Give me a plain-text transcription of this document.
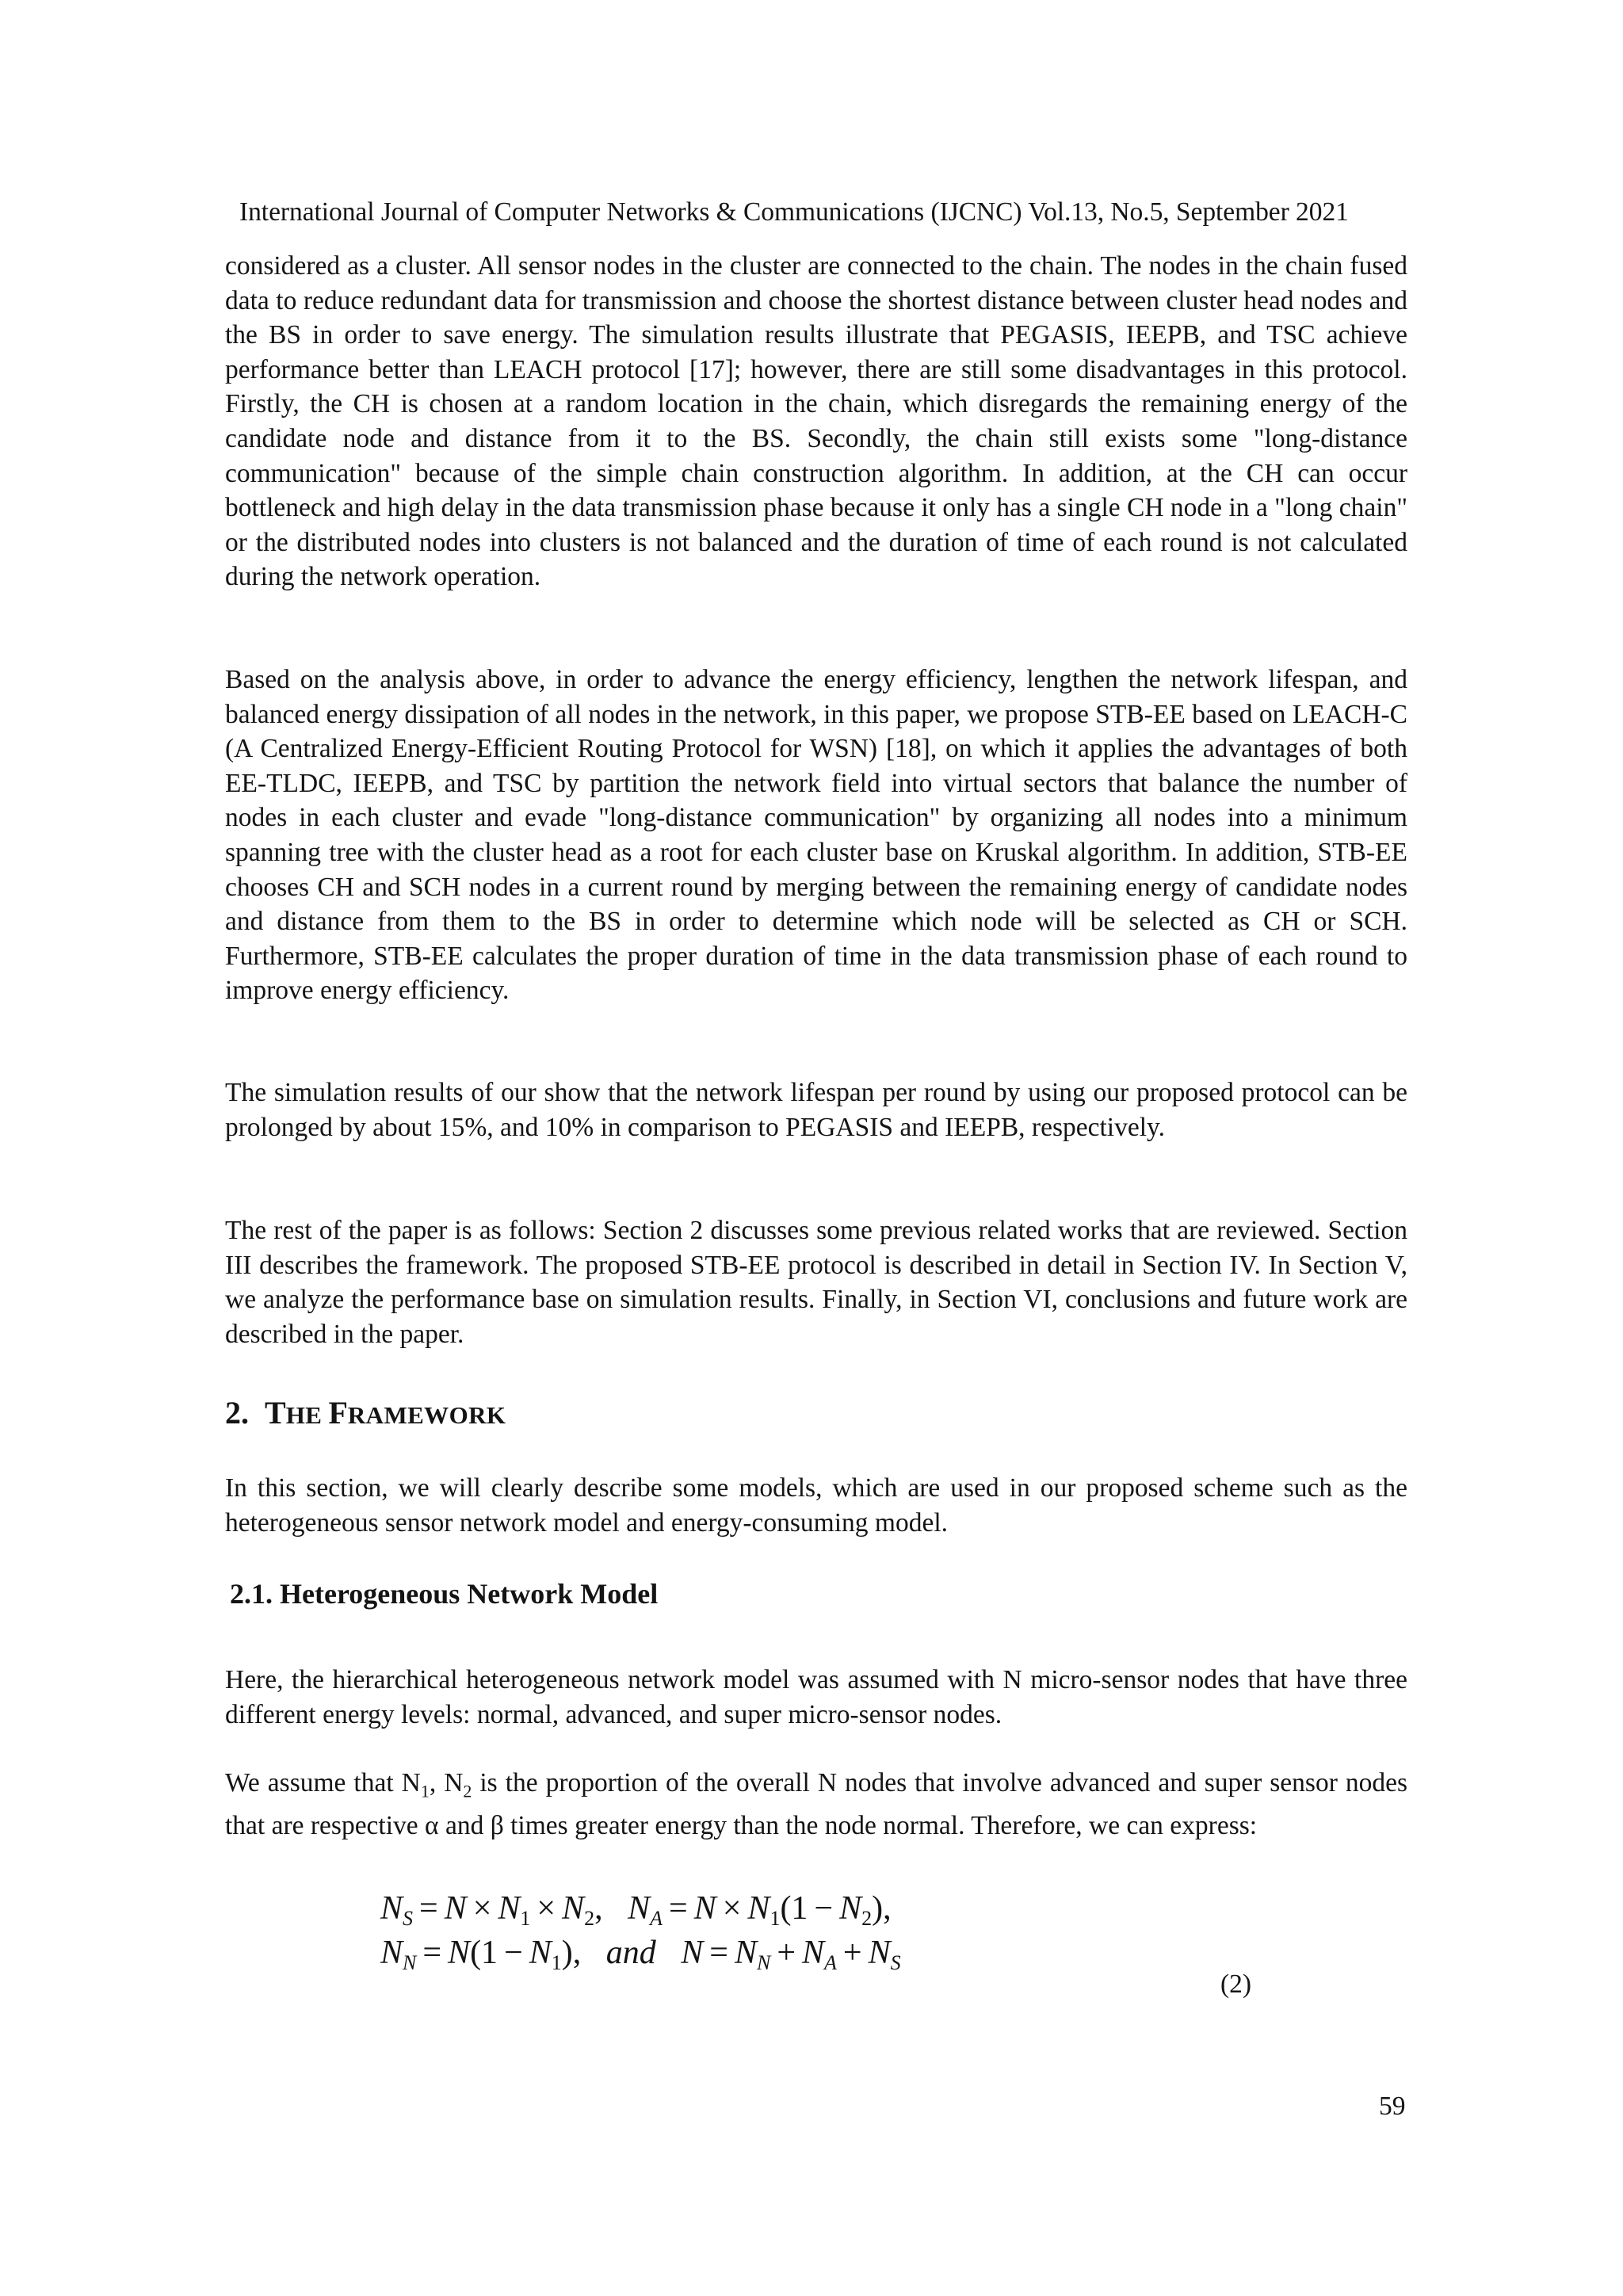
International Journal of Computer Networks & Communications (IJCNC) Vol.13, No.5, September 2021

considered as a cluster. All sensor nodes in the cluster are connected to the chain. The nodes in the chain fused data to reduce redundant data for transmission and choose the shortest distance between cluster head nodes and the BS in order to save energy. The simulation results illustrate that PEGASIS, IEEPB, and TSC achieve performance better than LEACH protocol [17]; however, there are still some disadvantages in this protocol. Firstly, the CH is chosen at a random location in the chain, which disregards the remaining energy of the candidate node and distance from it to the BS. Secondly, the chain still exists some "long-distance communication" because of the simple chain construction algorithm. In addition, at the CH can occur bottleneck and high delay in the data transmission phase because it only has a single CH node in a "long chain" or the distributed nodes into clusters is not balanced and the duration of time of each round is not calculated during the network operation.

Based on the analysis above, in order to advance the energy efficiency, lengthen the network lifespan, and balanced energy dissipation of all nodes in the network, in this paper, we propose STB-EE based on LEACH-C (A Centralized Energy-Efficient Routing Protocol for WSN) [18], on which it applies the advantages of both EE-TLDC, IEEPB, and TSC by partition the network field into virtual sectors that balance the number of nodes in each cluster and evade "long-distance communication" by organizing all nodes into a minimum spanning tree with the cluster head as a root for each cluster base on Kruskal algorithm. In addition, STB-EE chooses CH and SCH nodes in a current round by merging between the remaining energy of candidate nodes and distance from them to the BS in order to determine which node will be selected as CH or SCH. Furthermore, STB-EE calculates the proper duration of time in the data transmission phase of each round to improve energy efficiency.

The simulation results of our show that the network lifespan per round by using our proposed protocol can be prolonged by about 15%, and 10% in comparison to PEGASIS and IEEPB, respectively.

The rest of the paper is as follows: Section 2 discusses some previous related works that are reviewed. Section III describes the framework. The proposed STB-EE protocol is described in detail in Section IV. In Section V, we analyze the performance base on simulation results. Finally, in Section VI, conclusions and future work are described in the paper.

2. THE FRAMEWORK

In this section, we will clearly describe some models, which are used in our proposed scheme such as the heterogeneous sensor network model and energy-consuming model.

2.1. Heterogeneous Network Model

Here, the hierarchical heterogeneous network model was assumed with N micro-sensor nodes that have three different energy levels: normal, advanced, and super micro-sensor nodes.

We assume that $N_1$, $N_2$ is the proportion of the overall N nodes that involve advanced and super sensor nodes that are respective α and β times greater energy than the node normal. Therefore, we can express:

$N_S = N \times N_1 \times N_2$,   $N_A = N \times N_1(1 - N_2)$,
$N_N = N(1 - N_1)$, and   $N = N_N + N_A + N_S$
(2)
59
